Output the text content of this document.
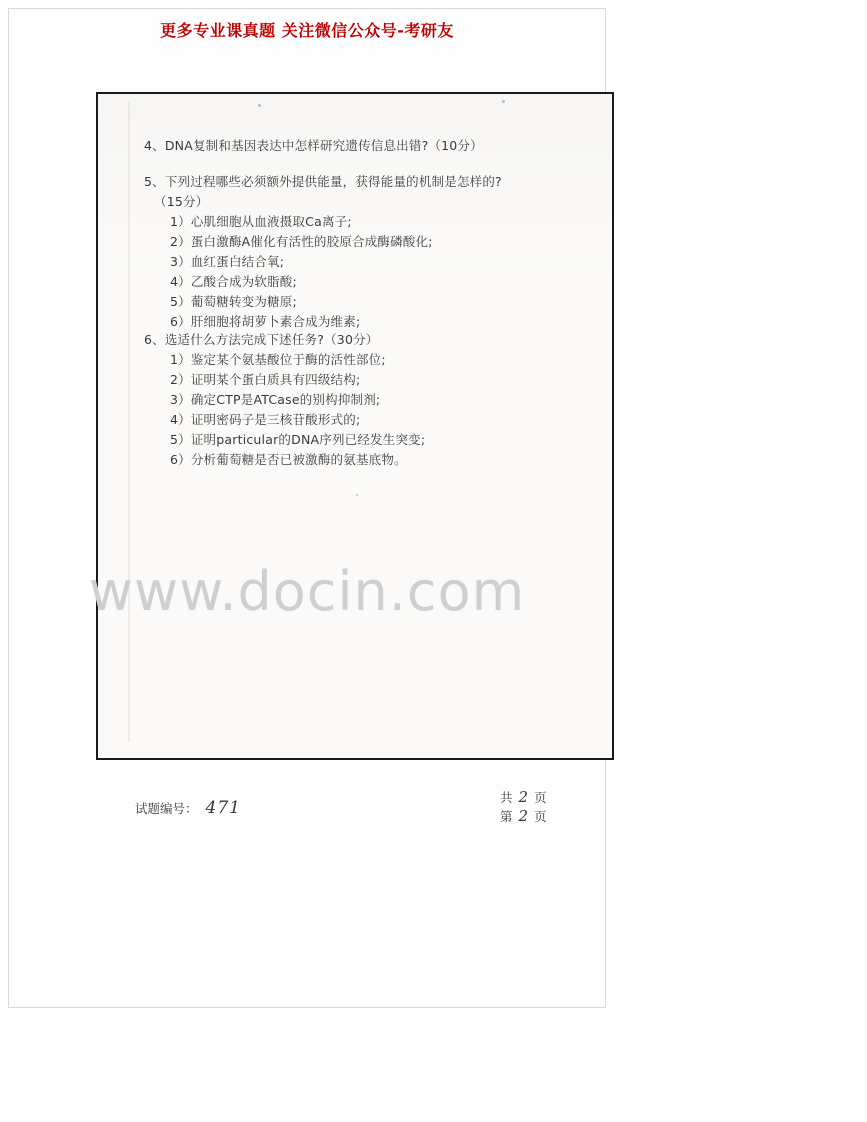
更多专业课真题 关注微信公众号-考研友
4、DNA复制和基因表达中怎样研究遗传信息出错?（10分）
5、下列过程哪些必须额外提供能量，获得能量的机制是怎样的?
（15分）
1）心肌细胞从血液摄取Ca离子;
2）蛋白激酶A催化有活性的胶原合成酶磷酸化;
3）血红蛋白结合氧;
4）乙酸合成为软脂酸;
5）葡萄糖转变为糖原;
6）肝细胞将胡萝卜素合成为维素;
6、选适什么方法完成下述任务?（30分）
1）鉴定某个氨基酸位于酶的活性部位;
2）证明某个蛋白质具有四级结构;
3）确定CTP是ATCase的别构抑制剂;
4）证明密码子是三核苷酸形式的;
5）证明particular的DNA序列已经发生突变;
6）分析葡萄糖是否已被激酶的氨基底物。
www.docin.com
试题编号： 471
共 2 页
第 2 页
